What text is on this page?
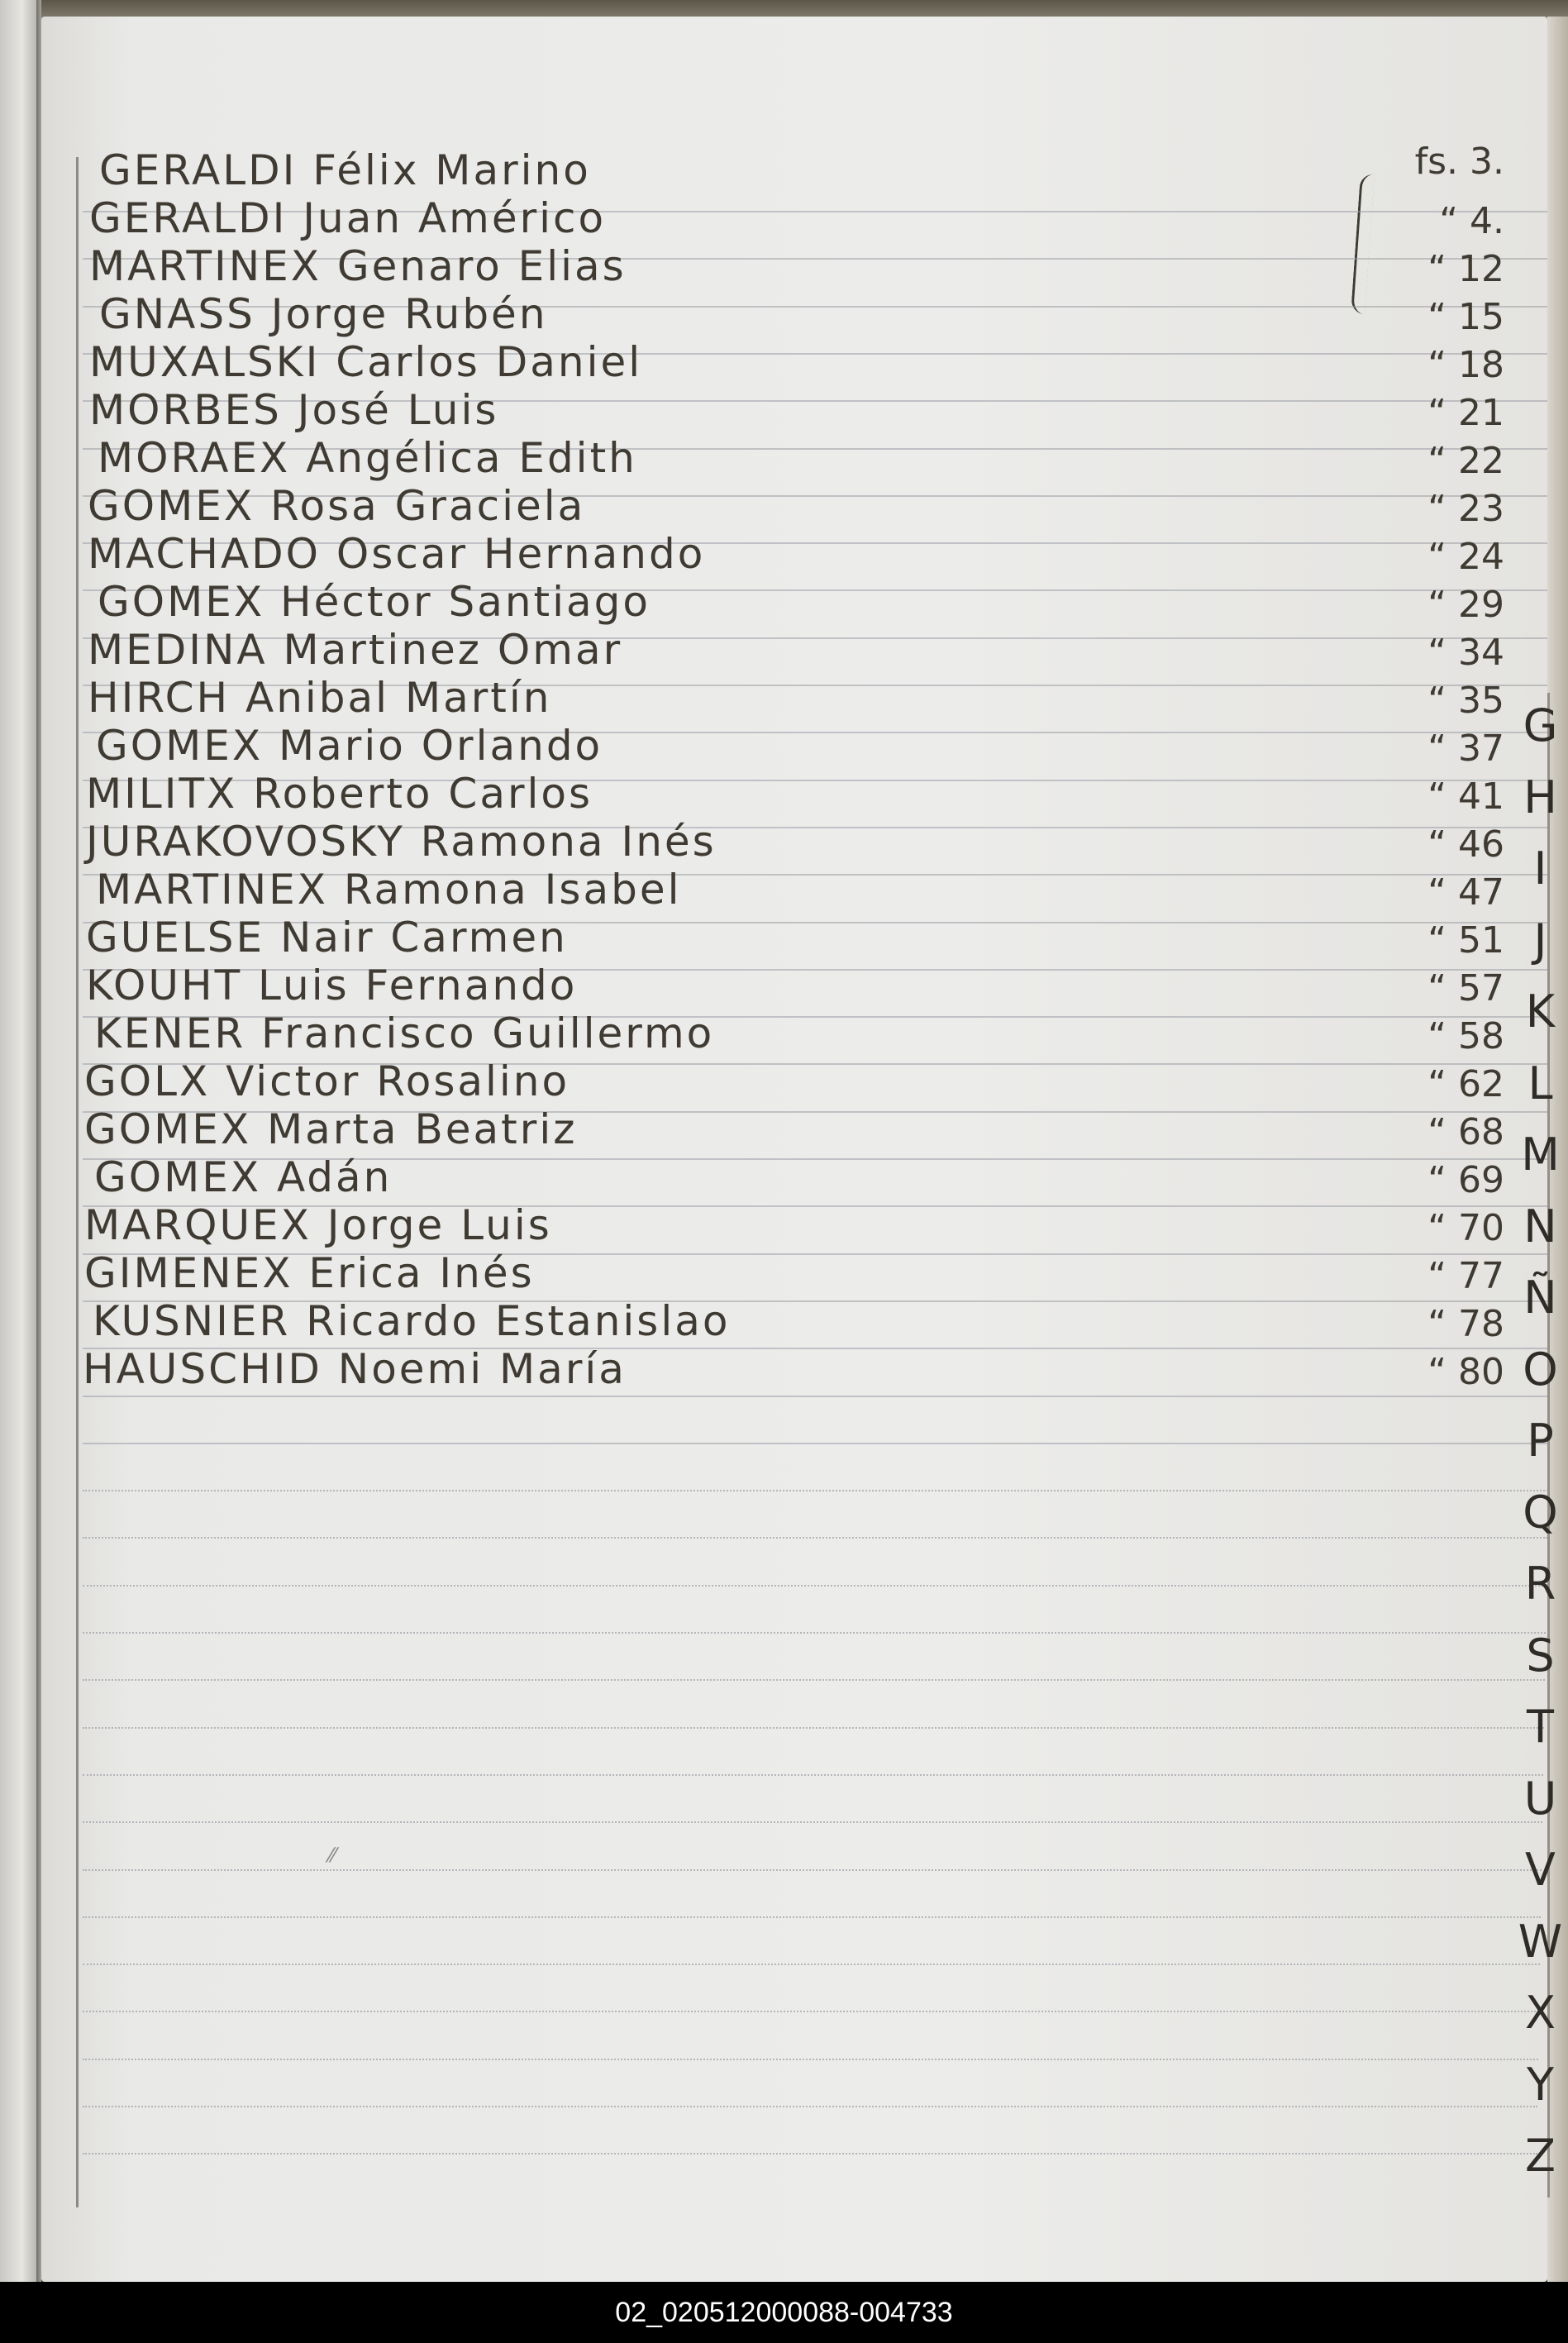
GERALDI Félix Marino	fs. 3.
GERALDI Juan Américo	“ 4.
MARTINEX Genaro Elias	“ 12
GNASS Jorge Rubén	“ 15
MUXALSKI Carlos Daniel	“ 18
MORBES José Luis	“ 21
MORAEX Angélica Edith	“ 22
GOMEX Rosa Graciela	“ 23
MACHADO Oscar Hernando	“ 24
GOMEX Héctor Santiago	“ 29
MEDINA Martinez Omar	“ 34
HIRCH Anibal Martín	“ 35
GOMEX Mario Orlando	“ 37
MILITX Roberto Carlos	“ 41
JURAKOVOSKY Ramona Inés	“ 46
MARTINEX Ramona Isabel	“ 47
GUELSE Nair Carmen	“ 51
KOUHT Luis Fernando	“ 57
KENER Francisco Guillermo	“ 58
GOLX Victor Rosalino	“ 62
GOMEX Marta Beatriz	“ 68
GOMEX Adán	“ 69
MARQUEX Jorge Luis	“ 70
GIMENEX Erica Inés	“ 77
KUSNIER Ricardo Estanislao	“ 78
HAUSCHID Noemi María	“ 80
⁄⁄
G
H
I
J
K
L
M
N
Ñ
O
P
Q
R
S
T
U
V
W
X
Y
Z
02_020512000088-004733
